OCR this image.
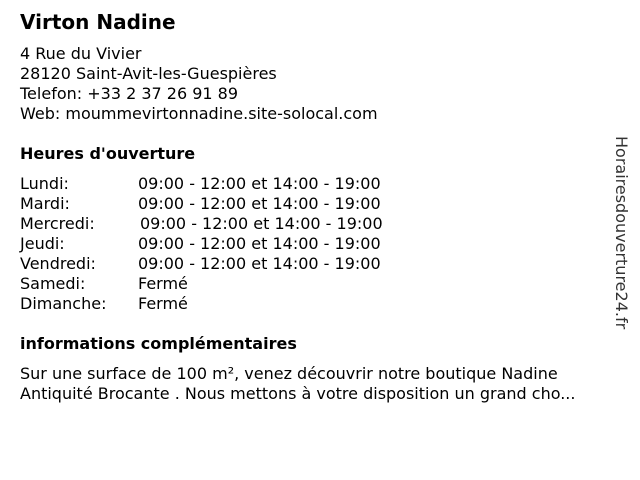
Virton Nadine
4 Rue du Vivier
28120 Saint-Avit-les-Guespières
Telefon: +33 2 37 26 91 89
Web: moummevirtonnadine.site-solocal.com
Heures d'ouverture
Lundi:	09:00 - 12:00 et 14:00 - 19:00
Mardi:	09:00 - 12:00 et 14:00 - 19:00
Mercredi:	09:00 - 12:00 et 14:00 - 19:00
Jeudi:	09:00 - 12:00 et 14:00 - 19:00
Vendredi:	09:00 - 12:00 et 14:00 - 19:00
Samedi:	Fermé
Dimanche: Fermé
informations complémentaires
Sur une surface de 100 m², venez découvrir notre boutique Nadine
Antiquité Brocante . Nous mettons à votre disposition un grand cho...
Horairesdouverture24.fr
